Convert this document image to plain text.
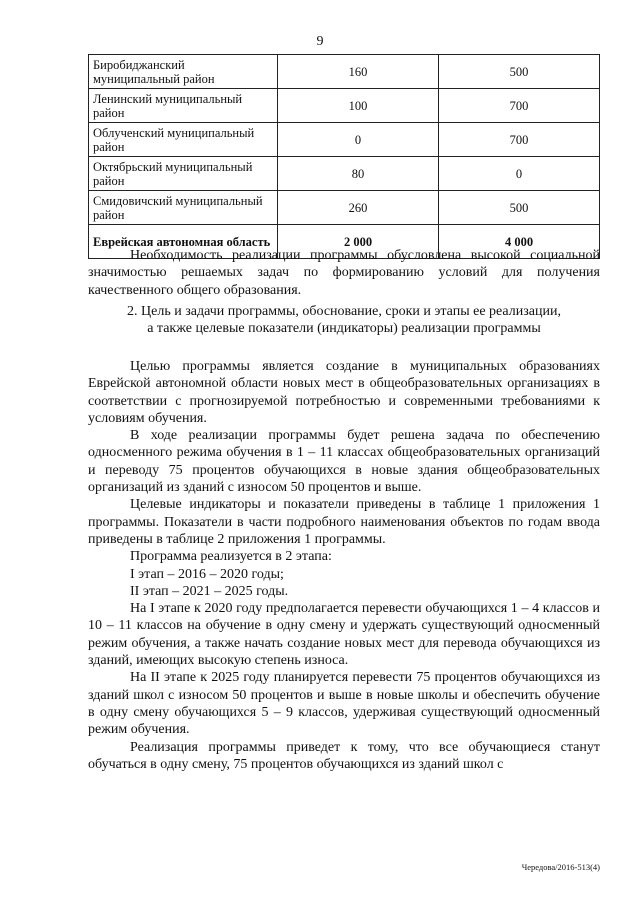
9
Биробиджанский муниципальный район	160	500
Ленинский муниципальный район	100	700
Облученский муниципальный район	0	700
Октябрьский муниципальный район	80	0
Смидовичский муниципальный район	260	500
Еврейская автономная область	2 000	4 000

Необходимость реализации программы обусловлена высокой социальной значимостью решаемых задач по формированию условий для получения качественного общего образования.

2. Цель и задачи программы, обоснование, сроки и этапы ее реализации,

а также целевые показатели (индикаторы) реализации программы

Целью программы является создание в муниципальных образованиях Еврейской автономной области новых мест в общеобразовательных организациях в соответствии с прогнозируемой потребностью и современными требованиями к условиям обучения.

В ходе реализации программы будет решена задача по обеспечению односменного режима обучения в 1 – 11 классах общеобразовательных организаций и переводу 75 процентов обучающихся в новые здания общеобразовательных организаций из зданий с износом 50 процентов и выше.

Целевые индикаторы и показатели приведены в таблице 1 приложения 1 программы. Показатели в части подробного наименования объектов по годам ввода приведены в таблице 2 приложения 1 программы.

Программа реализуется в 2 этапа:

I этап – 2016 – 2020 годы;

II этап – 2021 – 2025 годы.

На I этапе к 2020 году предполагается перевести обучающихся 1 – 4 классов и 10 – 11 классов на обучение в одну смену и удержать существующий односменный режим обучения, а также начать создание новых мест для перевода обучающихся из зданий, имеющих высокую степень износа.

На II этапе к 2025 году планируется перевести 75 процентов обучающихся из зданий школ с износом 50 процентов и выше в новые школы и обеспечить обучение в одну смену обучающихся 5 – 9 классов, удерживая существующий односменный режим обучения.

Реализация программы приведет к тому, что все обучающиеся станут обучаться в одну смену, 75 процентов обучающихся из зданий школ с

Чередова/2016-513(4)
